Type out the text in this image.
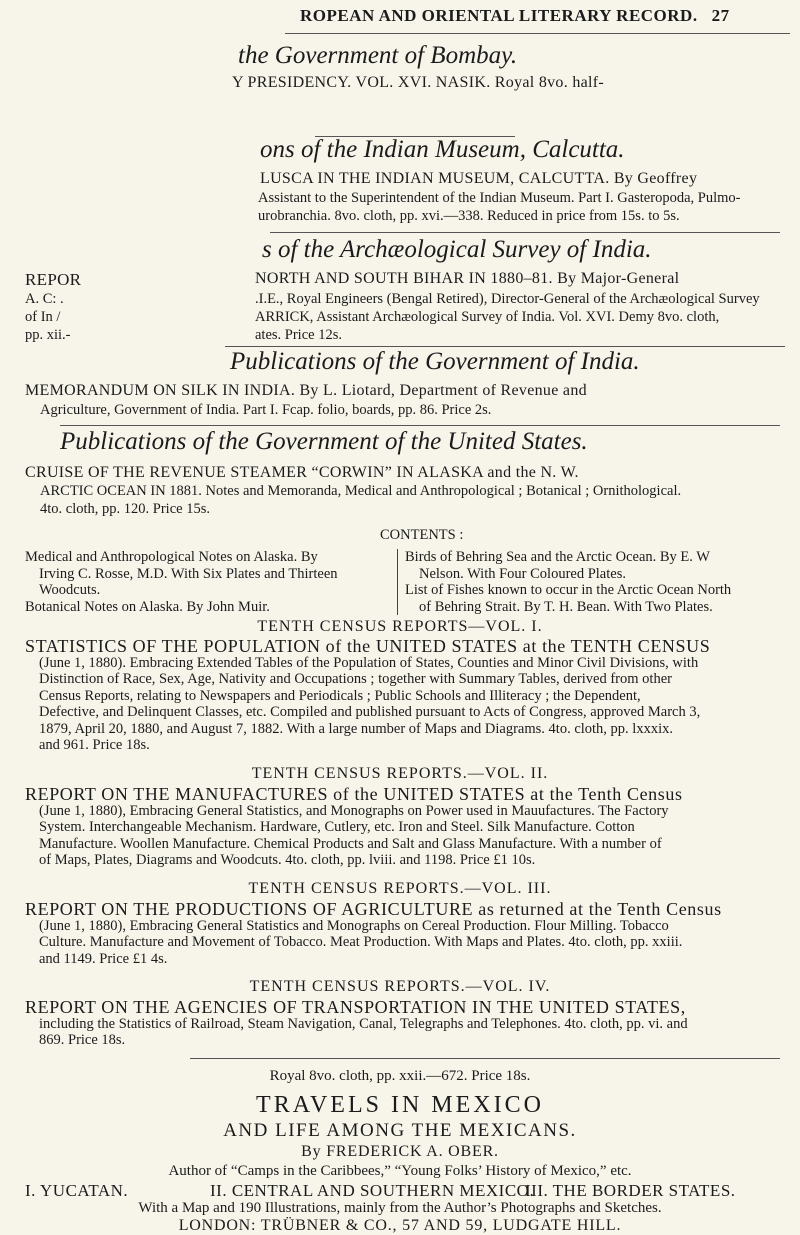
ROPEAN AND ORIENTAL LITERARY RECORD. 27
the Government of Bombay.
Y PRESIDENCY. VOL. XVI. NASIK. Royal 8vo. half-
ons of the Indian Museum, Calcutta.
LUSCA IN THE INDIAN MUSEUM, CALCUTTA. By Geoffrey
Assistant to the Superintendent of the Indian Museum. Part I. Gasteropoda, Pulmo-
urobranchia. 8vo. cloth, pp. xvi.—338. Reduced in price from 15s. to 5s.
s of the Archæological Survey of India.
REPOR	NORTH AND SOUTH BIHAR IN 1880–81. By Major-General
A. C: .	.I.E., Royal Engineers (Bengal Retired), Director-General of the Archæological Survey
of In /	ARRICK, Assistant Archæological Survey of India. Vol. XVI. Demy 8vo. cloth,
pp. xii.-	ates. Price 12s.
Publications of the Government of India.
MEMORANDUM ON SILK IN INDIA. By L. Liotard, Department of Revenue and
Agriculture, Government of India. Part I. Fcap. folio, boards, pp. 86. Price 2s.
Publications of the Government of the United States.
CRUISE OF THE REVENUE STEAMER “CORWIN” IN ALASKA and the N. W.
ARCTIC OCEAN IN 1881. Notes and Memoranda, Medical and Anthropological ; Botanical ; Ornithological.
4to. cloth, pp. 120. Price 15s.
CONTENTS :
Medical and Anthropological Notes on Alaska. By
Irving C. Rosse, M.D. With Six Plates and Thirteen
Woodcuts.
Botanical Notes on Alaska. By John Muir.
Birds of Behring Sea and the Arctic Ocean. By E. W
Nelson. With Four Coloured Plates.
List of Fishes known to occur in the Arctic Ocean North
of Behring Strait. By T. H. Bean. With Two Plates.
TENTH CENSUS REPORTS—VOL. I.
STATISTICS OF THE POPULATION of the UNITED STATES at the TENTH CENSUS
(June 1, 1880). Embracing Extended Tables of the Population of States, Counties and Minor Civil Divisions, with
Distinction of Race, Sex, Age, Nativity and Occupations ; together with Summary Tables, derived from other
Census Reports, relating to Newspapers and Periodicals ; Public Schools and Illiteracy ; the Dependent,
Defective, and Delinquent Classes, etc. Compiled and published pursuant to Acts of Congress, approved March 3,
1879, April 20, 1880, and August 7, 1882. With a large number of Maps and Diagrams. 4to. cloth, pp. lxxxix.
and 961. Price 18s.
TENTH CENSUS REPORTS.—VOL. II.
REPORT ON THE MANUFACTURES of the UNITED STATES at the Tenth Census
(June 1, 1880), Embracing General Statistics, and Monographs on Power used in Mauufactures. The Factory
System. Interchangeable Mechanism. Hardware, Cutlery, etc. Iron and Steel. Silk Manufacture. Cotton
Manufacture. Woollen Manufacture. Chemical Products and Salt and Glass Manufacture. With a number of
of Maps, Plates, Diagrams and Woodcuts. 4to. cloth, pp. lviii. and 1198. Price £1 10s.
TENTH CENSUS REPORTS.—VOL. III.
REPORT ON THE PRODUCTIONS OF AGRICULTURE as returned at the Tenth Census
(June 1, 1880), Embracing General Statistics and Monographs on Cereal Production. Flour Milling. Tobacco
Culture. Manufacture and Movement of Tobacco. Meat Production. With Maps and Plates. 4to. cloth, pp. xxiii.
and 1149. Price £1 4s.
TENTH CENSUS REPORTS.—VOL. IV.
REPORT ON THE AGENCIES OF TRANSPORTATION IN THE UNITED STATES,
including the Statistics of Railroad, Steam Navigation, Canal, Telegraphs and Telephones. 4to. cloth, pp. vi. and
869. Price 18s.
Royal 8vo. cloth, pp. xxii.—672. Price 18s.
TRAVELS IN MEXICO
AND LIFE AMONG THE MEXICANS.
By FREDERICK A. OBER.
Author of “Camps in the Caribbees,” “Young Folks’ History of Mexico,” etc.
I. YUCATAN.	II. CENTRAL AND SOUTHERN MEXICO.
III. THE BORDER STATES.
With a Map and 190 Illustrations, mainly from the Author’s Photographs and Sketches.
LONDON: TRÜBNER & CO., 57 AND 59, LUDGATE HILL.
